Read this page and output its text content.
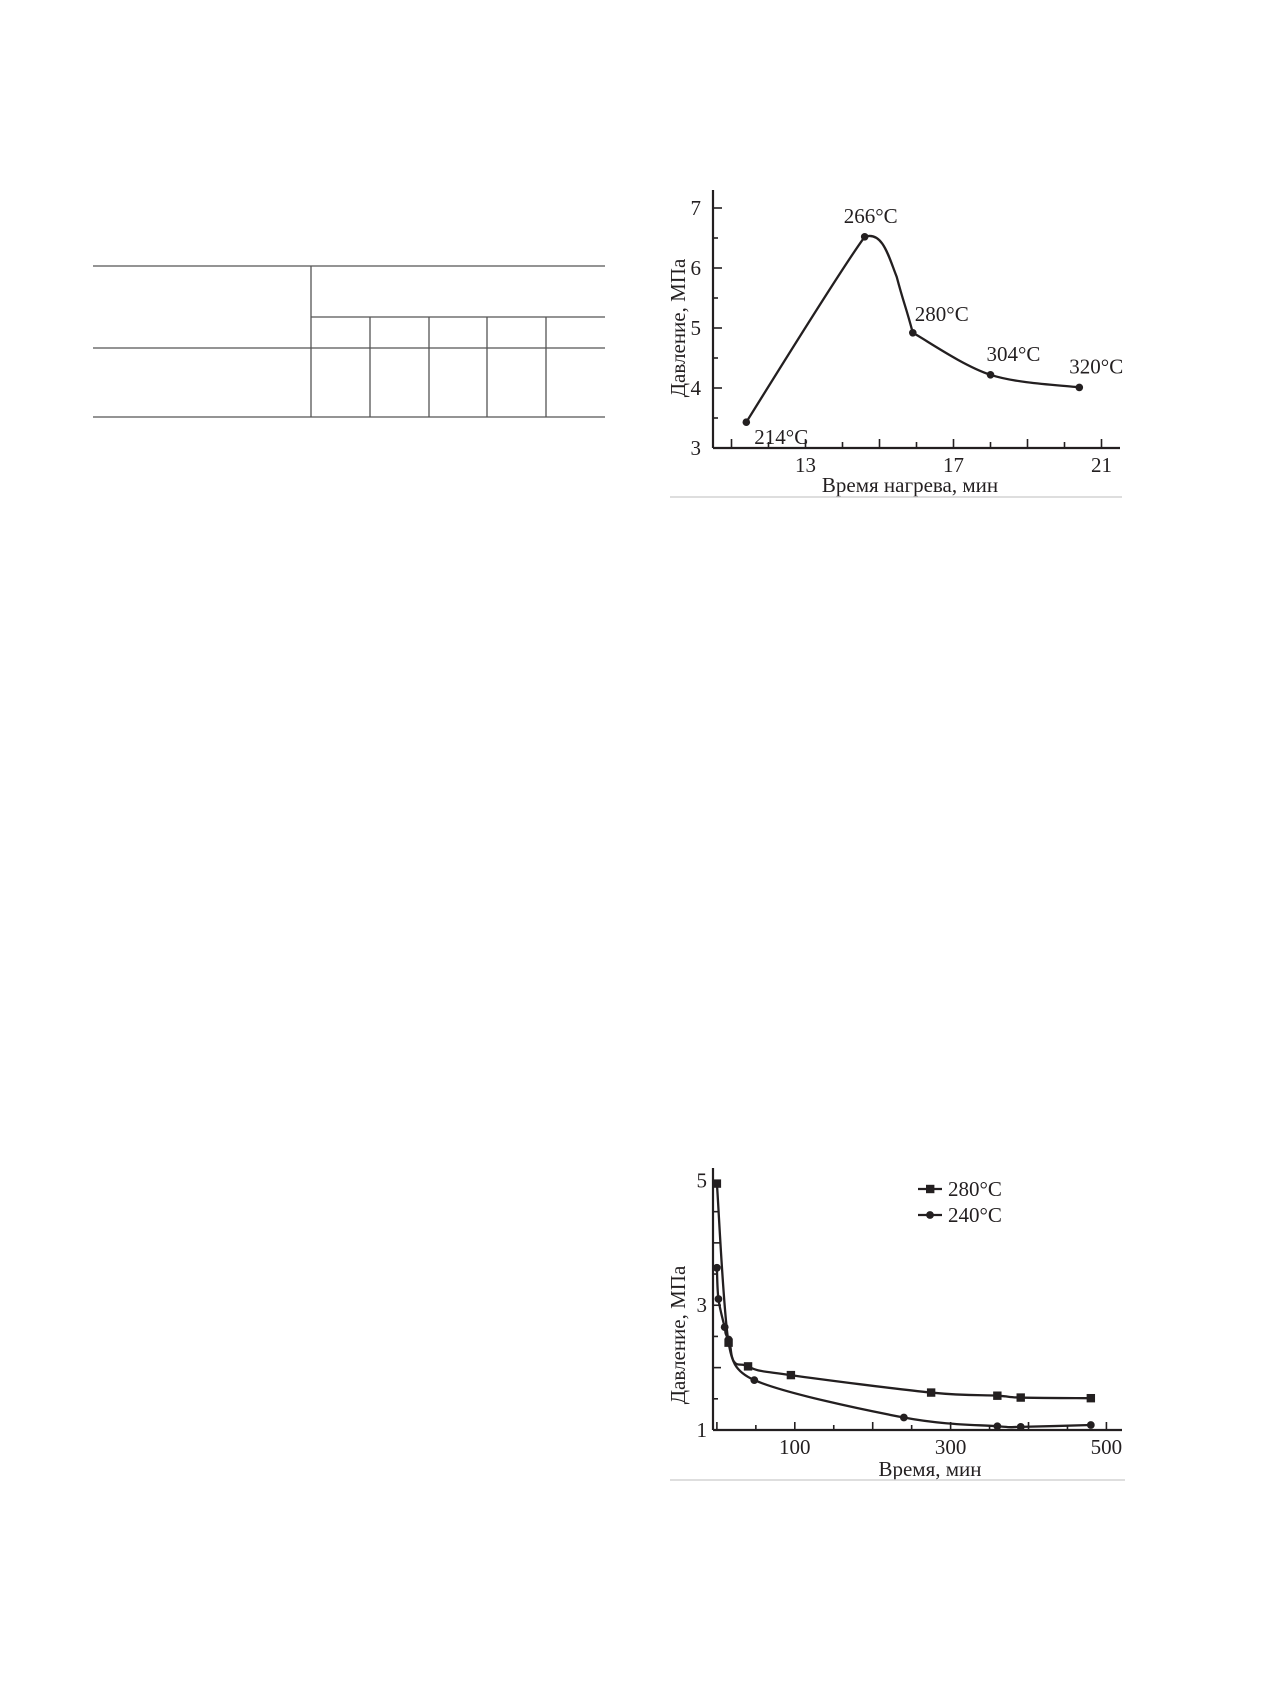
3
4
5
6
7
13	17	21
214°C
266°C
280°C
304°C
320°C
Время нагрева, мин
Давление, МПа
1
3
5
100	300	500
280°C
240°C
Время, мин
Давление, МПа
